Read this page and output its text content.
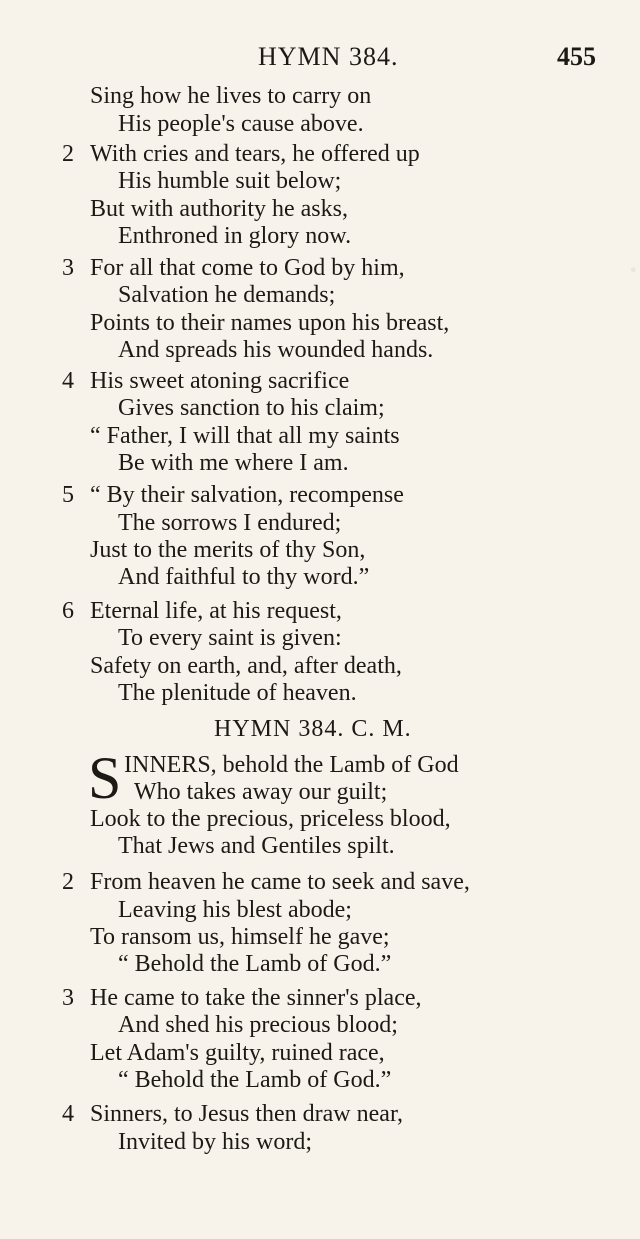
HYMN 384.	455
·
Sing how he lives to carry on
His people's cause above.
2 With cries and tears, he offered up
His humble suit below;
But with authority he asks,
Enthroned in glory now.
3 For all that come to God by him,
Salvation he demands;
Points to their names upon his breast,
And spreads his wounded hands.
4 His sweet atoning sacrifice
Gives sanction to his claim;
“ Father, I will that all my saints
Be with me where I am.
5 “ By their salvation, recompense
The sorrows I endured;
Just to the merits of thy Son,
And faithful to thy word.”
6 Eternal life, at his request,
To every saint is given:
Safety on earth, and, after death,
The plenitude of heaven.
HYMN 384. C. M.
S INNERS, behold the Lamb of God
Who takes away our guilt;
Look to the precious, priceless blood,
That Jews and Gentiles spilt.
2 From heaven he came to seek and save,
Leaving his blest abode;
To ransom us, himself he gave;
“ Behold the Lamb of God.”
3 He came to take the sinner's place,
And shed his precious blood;
Let Adam's guilty, ruined race,
“ Behold the Lamb of God.”
4 Sinners, to Jesus then draw near,
Invited by his word;
